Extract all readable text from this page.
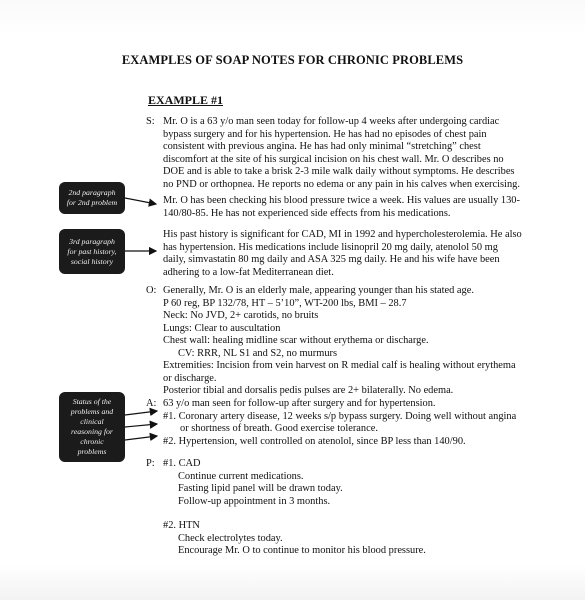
EXAMPLES OF SOAP NOTES FOR CHRONIC PROBLEMS
EXAMPLE #1
S: Mr. O is a 63 y/o man seen today for follow-up 4 weeks after undergoing cardiac bypass surgery and for his hypertension. He has had no episodes of chest pain consistent with previous angina. He has had only minimal “stretching” chest discomfort at the site of his surgical incision on his chest wall. Mr. O describes no DOE and is able to take a brisk 2-3 mile walk daily without symptoms. He describes no PND or orthopnea. He reports no edema or any pain in his calves when exercising.

Mr. O has been checking his blood pressure twice a week. His values are usually 130-140/80-85. He has not experienced side effects from his medications.

His past history is significant for CAD, MI in 1992 and hypercholesterolemia. He also has hypertension. His medications include lisinopril 20 mg daily, atenolol 50 mg daily, simvastatin 80 mg daily and ASA 325 mg daily. He and his wife have been adhering to a low-fat Mediterranean diet.

O: Generally, Mr. O is an elderly male, appearing younger than his stated age.

P 60 reg, BP 132/78, HT – 5’10”, WT-200 lbs, BMI – 28.7

Neck: No JVD, 2+ carotids, no bruits

Lungs: Clear to auscultation

Chest wall: healing midline scar without erythema or discharge.

CV: RRR, NL S1 and S2, no murmurs

Extremities: Incision from vein harvest on R medial calf is healing without erythema or discharge.

Posterior tibial and dorsalis pedis pulses are 2+ bilaterally. No edema.

A: 63 y/o man seen for follow-up after surgery and for hypertension.

#1. Coronary artery disease, 12 weeks s/p bypass surgery. Doing well without angina or shortness of breath. Good exercise tolerance.

#2. Hypertension, well controlled on atenolol, since BP less than 140/90.

P: #1. CAD

Continue current medications.

Fasting lipid panel will be drawn today.

Follow-up appointment in 3 months.

#2. HTN

Check electrolytes today.

Encourage Mr. O to continue to monitor his blood pressure.

2nd paragraph for 2nd problem
3rd paragraph for past history, social history
Status of the problems and clinical reasoning for chronic problems
